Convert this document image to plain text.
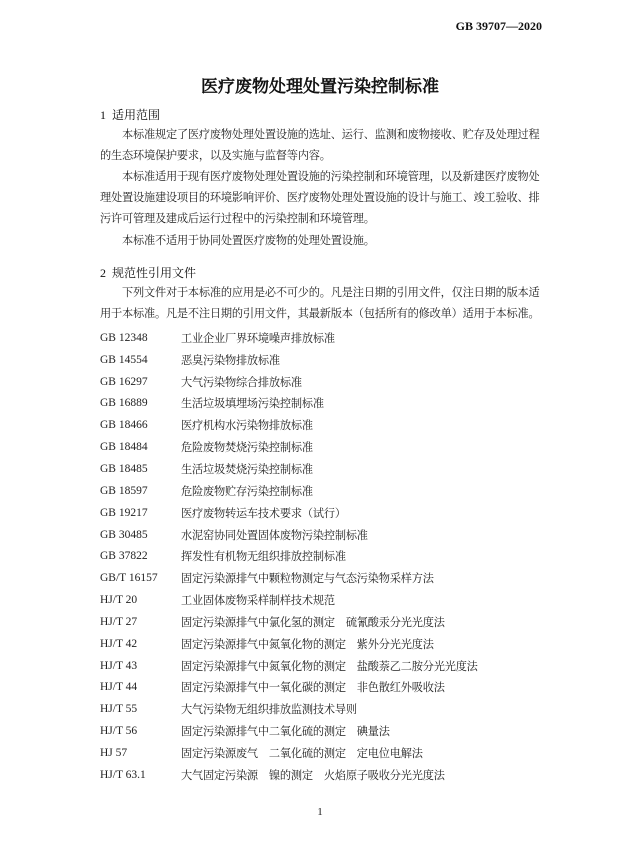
GB 39707—2020
医疗废物处理处置污染控制标准
1 适用范围
本标准规定了医疗废物处理处置设施的选址、运行、监测和废物接收、贮存及处理过程的生态环境保护要求，以及实施与监督等内容。
本标准适用于现有医疗废物处理处置设施的污染控制和环境管理，以及新建医疗废物处理处置设施建设项目的环境影响评价、医疗废物处理处置设施的设计与施工、竣工验收、排污许可管理及建成后运行过程中的污染控制和环境管理。
本标准不适用于协同处置医疗废物的处理处置设施。
2 规范性引用文件
下列文件对于本标准的应用是必不可少的。凡是注日期的引用文件，仅注日期的版本适用于本标准。凡是不注日期的引用文件，其最新版本（包括所有的修改单）适用于本标准。
GB 12348	工业企业厂界环境噪声排放标准
GB 14554	恶臭污染物排放标准
GB 16297	大气污染物综合排放标准
GB 16889	生活垃圾填埋场污染控制标准
GB 18466	医疗机构水污染物排放标准
GB 18484	危险废物焚烧污染控制标准
GB 18485	生活垃圾焚烧污染控制标准
GB 18597	危险废物贮存污染控制标准
GB 19217	医疗废物转运车技术要求（试行）
GB 30485	水泥窑协同处置固体废物污染控制标准
GB 37822	挥发性有机物无组织排放控制标准
GB/T 16157	固定污染源排气中颗粒物测定与气态污染物采样方法
HJ/T 20	工业固体废物采样制样技术规范
HJ/T 27	固定污染源排气中氯化氢的测定　硫氰酸汞分光光度法
HJ/T 42	固定污染源排气中氮氧化物的测定　紫外分光光度法
HJ/T 43	固定污染源排气中氮氧化物的测定　盐酸萘乙二胺分光光度法
HJ/T 44	固定污染源排气中一氧化碳的测定　非色散红外吸收法
HJ/T 55	大气污染物无组织排放监测技术导则
HJ/T 56	固定污染源排气中二氧化硫的测定　碘量法
HJ 57	固定污染源废气　二氧化硫的测定　定电位电解法
HJ/T 63.1	大气固定污染源　镍的测定　火焰原子吸收分光光度法
1
